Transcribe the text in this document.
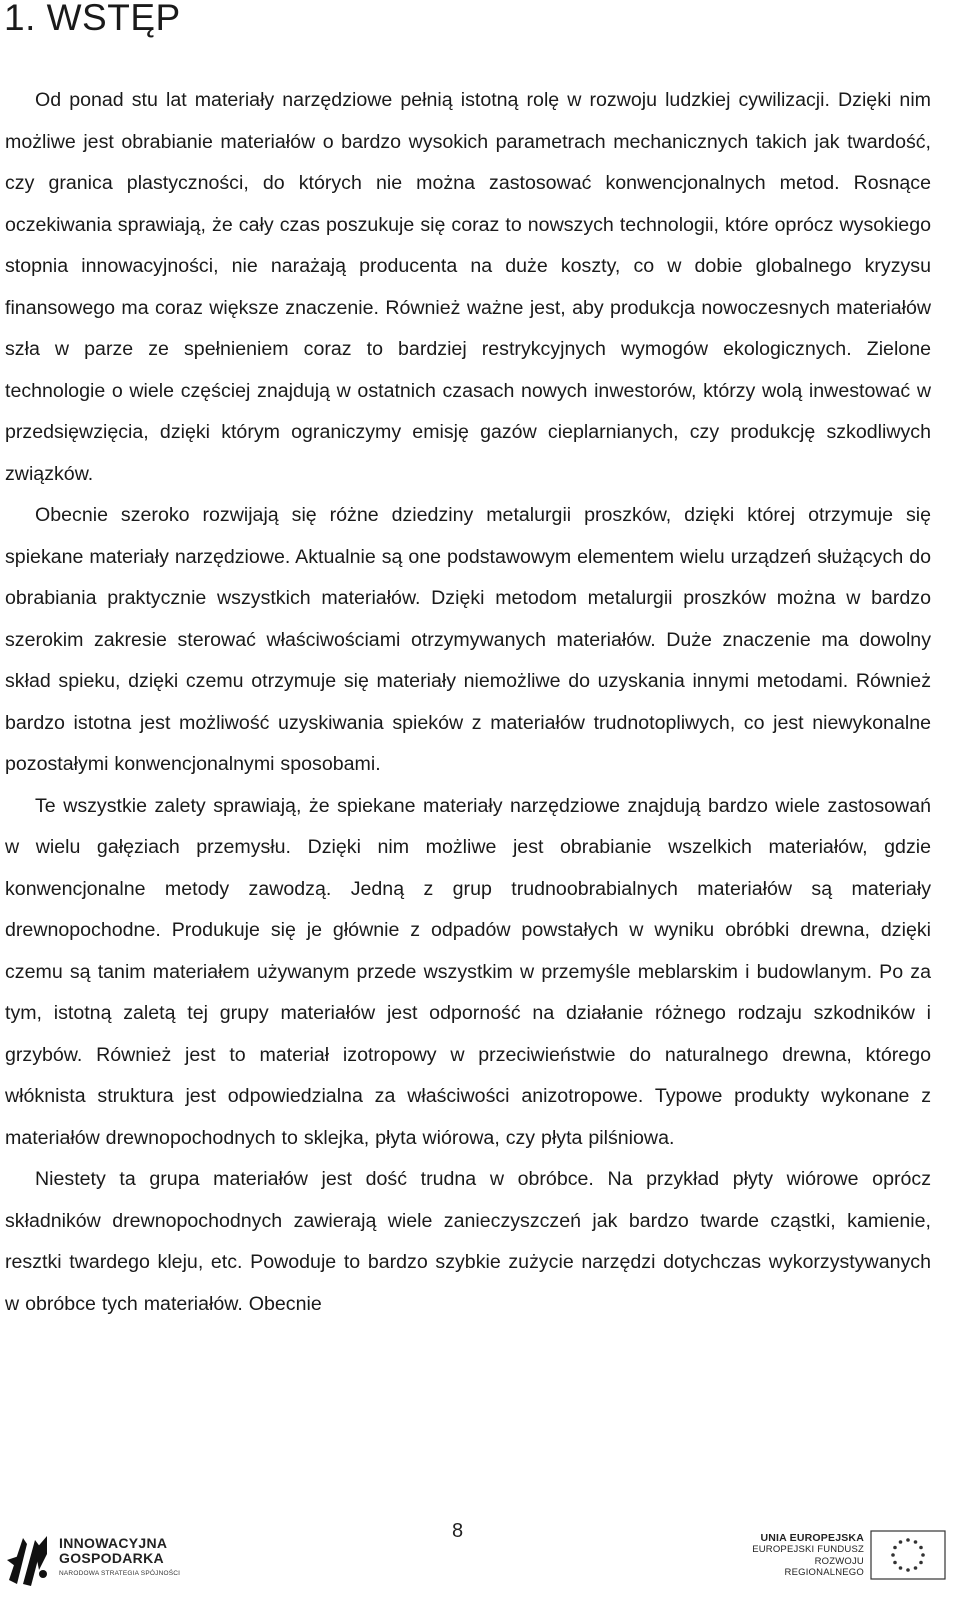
1. WSTĘP

Od ponad stu lat materiały narzędziowe pełnią istotną rolę w rozwoju ludzkiej cywilizacji. Dzięki nim możliwe jest obrabianie materiałów o bardzo wysokich parametrach mechanicznych takich jak twardość, czy granica plastyczności, do których nie można zastosować konwencjonalnych metod. Rosnące oczekiwania sprawiają, że cały czas poszukuje się coraz to nowszych technologii, które oprócz wysokiego stopnia innowacyjności, nie narażają producenta na duże koszty, co w dobie globalnego kryzysu finansowego ma coraz większe znaczenie. Również ważne jest, aby produkcja nowoczesnych materiałów szła w parze ze spełnieniem coraz to bardziej restrykcyjnych wymogów ekologicznych. Zielone technologie o wiele częściej znajdują w ostatnich czasach nowych inwestorów, którzy wolą inwestować w przedsięwzięcia, dzięki którym ograniczymy emisję gazów cieplarnianych, czy produkcję szkodliwych związków.

Obecnie szeroko rozwijają się różne dziedziny metalurgii proszków, dzięki której otrzymuje się spiekane materiały narzędziowe. Aktualnie są one podstawowym elementem wielu urządzeń służących do obrabiania praktycznie wszystkich materiałów. Dzięki metodom metalurgii proszków można w bardzo szerokim zakresie sterować właściwościami otrzymywanych materiałów. Duże znaczenie ma dowolny skład spieku, dzięki czemu otrzymuje się materiały niemożliwe do uzyskania innymi metodami. Również bardzo istotna jest możliwość uzyskiwania spieków z materiałów trudnotopliwych, co jest niewykonalne pozostałymi konwencjonalnymi sposobami.

Te wszystkie zalety sprawiają, że spiekane materiały narzędziowe znajdują bardzo wiele zastosowań w wielu gałęziach przemysłu. Dzięki nim możliwe jest obrabianie wszelkich materiałów, gdzie konwencjonalne metody zawodzą. Jedną z grup trudnoobrabialnych materiałów są materiały drewnopochodne. Produkuje się je głównie z odpadów powstałych w wyniku obróbki drewna, dzięki czemu są tanim materiałem używanym przede wszystkim w przemyśle meblarskim i budowlanym. Po za tym, istotną zaletą tej grupy materiałów jest odporność na działanie różnego rodzaju szkodników i grzybów. Również jest to materiał izotropowy w przeciwieństwie do naturalnego drewna, którego włóknista struktura jest odpowiedzialna za właściwości anizotropowe. Typowe produkty wykonane z materiałów drewnopochodnych to sklejka, płyta wiórowa, czy płyta pilśniowa.

Niestety ta grupa materiałów jest dość trudna w obróbce. Na przykład płyty wiórowe oprócz składników drewnopochodnych zawierają wiele zanieczyszczeń jak bardzo twarde cząstki, kamienie, resztki twardego kleju, etc. Powoduje to bardzo szybkie zużycie narzędzi dotychczas wykorzystywanych w obróbce tych materiałów. Obecnie

INNOWACYJNA
GOSPODARKA
NARODOWA STRATEGIA SPÓJNOŚCI
8	UNIA EUROPEJSKA
EUROPEJSKI FUNDUSZ
ROZWOJU REGIONALNEGO
